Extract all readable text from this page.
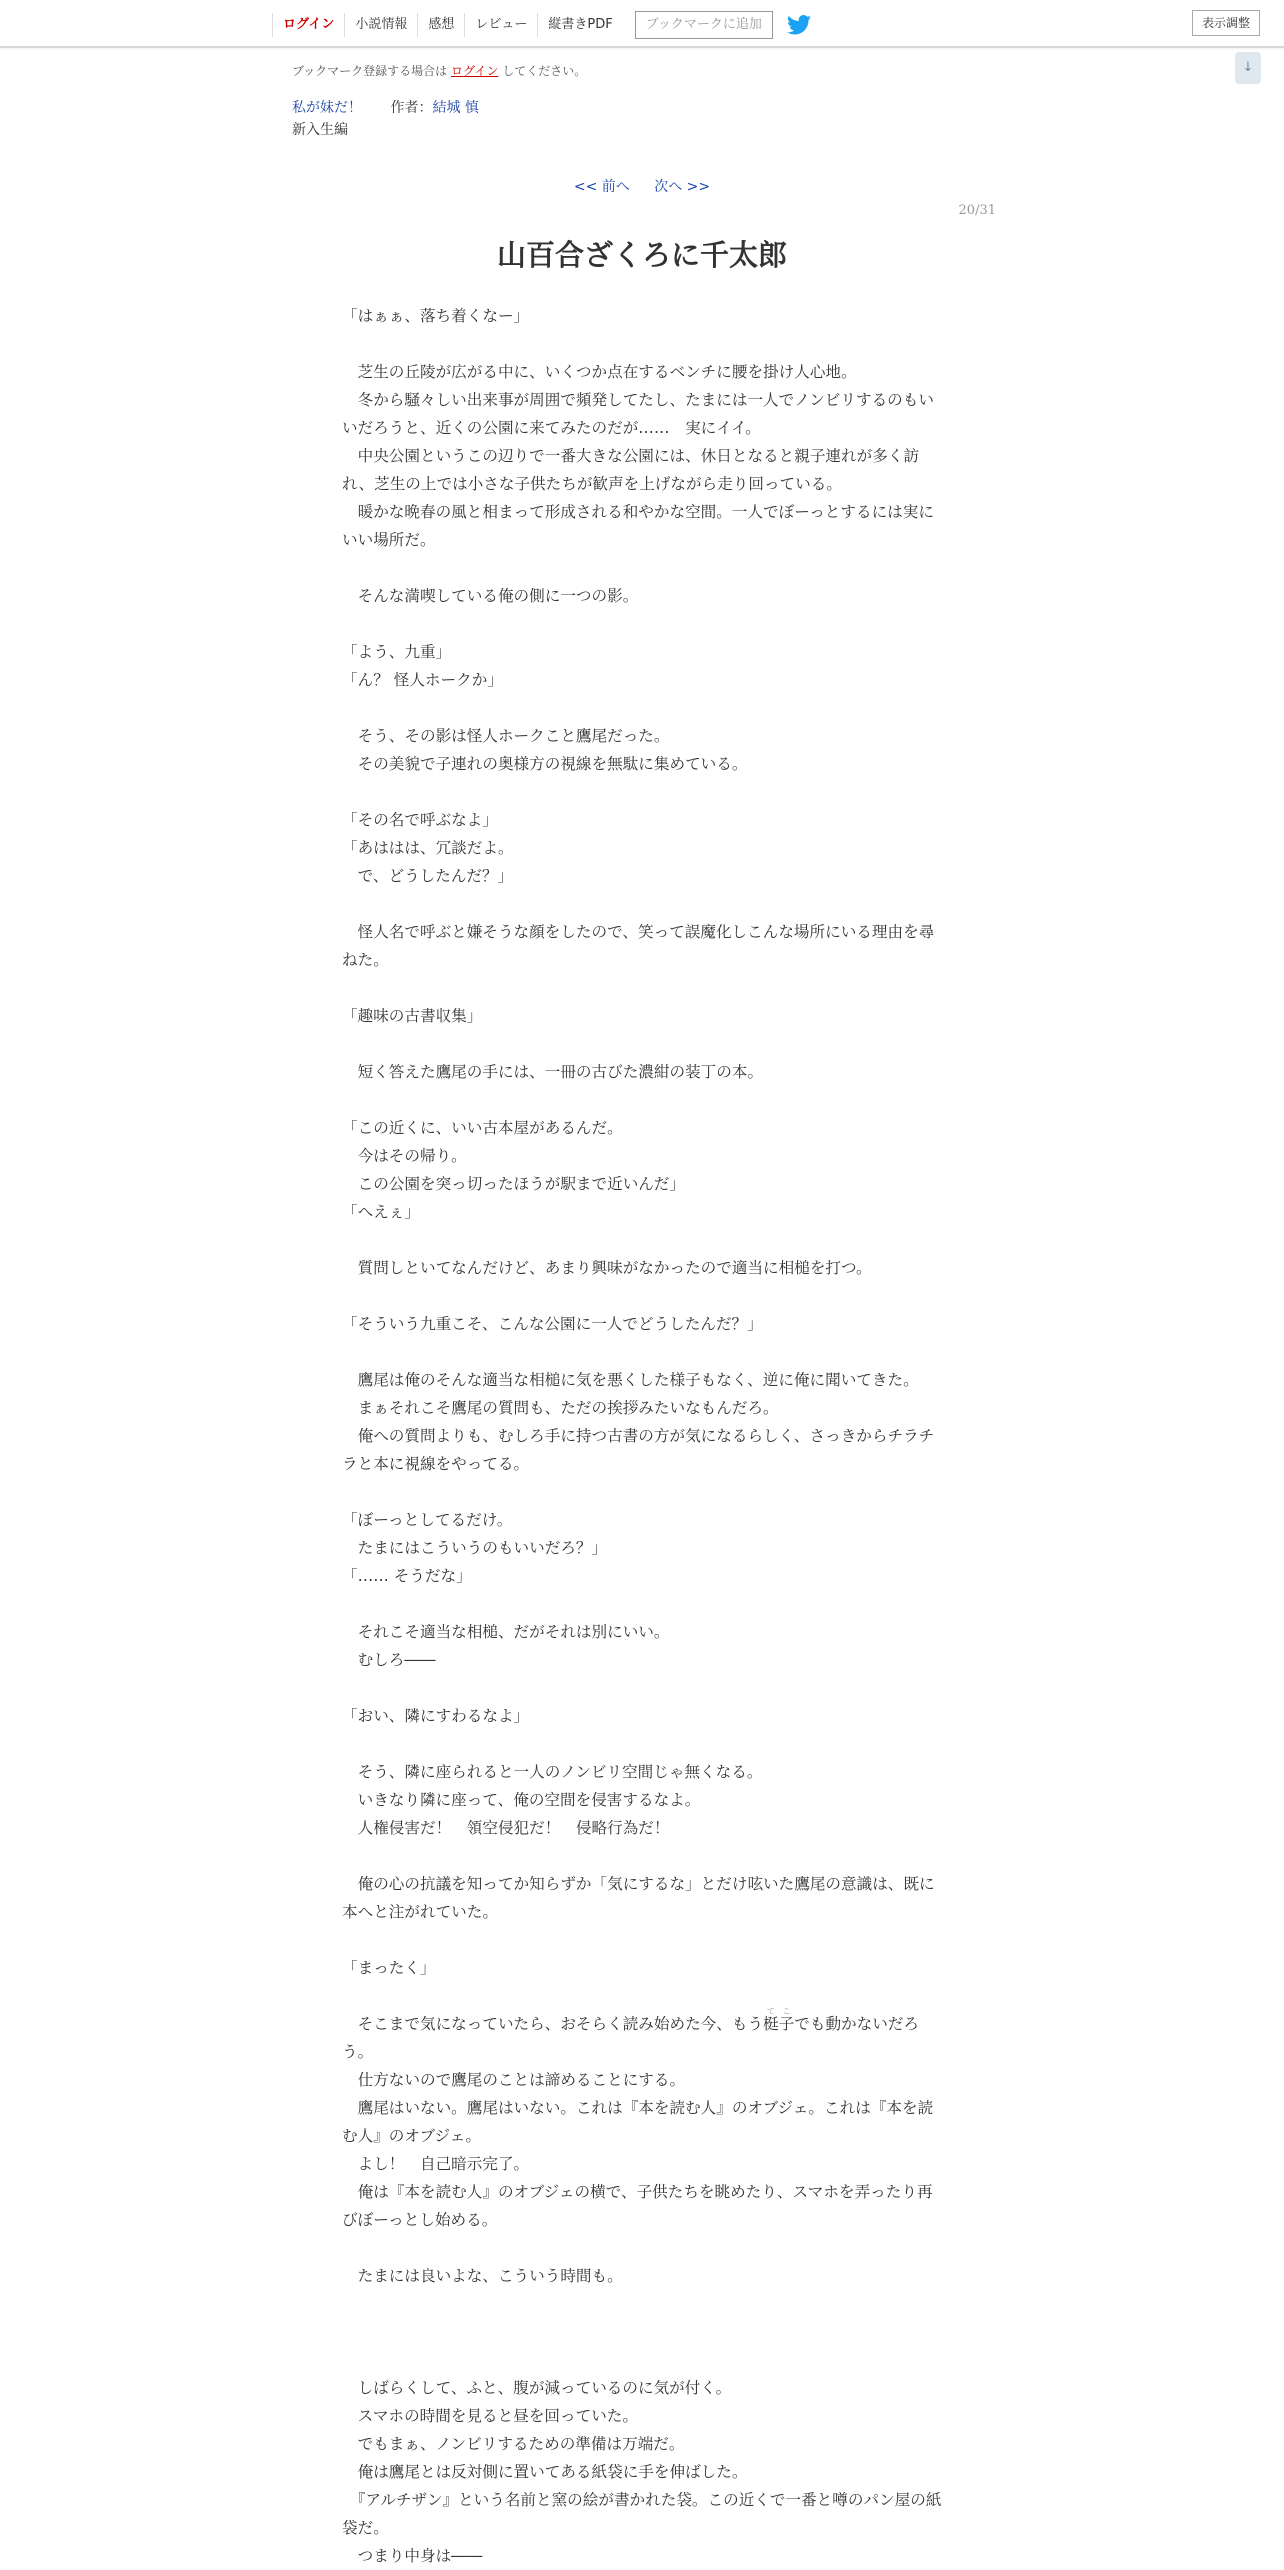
ログイン	小説情報	感想	レビュー	縦書きPDF	ブックマークに追加	表示調整
↓
ブックマーク登録する場合は ログイン してください。
私が妹だ！ 作者：結城 慎
新入生編
<< 前へ 次へ >>
20/31
山百合ざくろに千太郎
「はぁぁ、落ち着くなー」

　芝生の丘陵が広がる中に、いくつか点在するベンチに腰を掛け人心地。
　冬から騒々しい出来事が周囲で頻発してたし、たまには一人でノンビリするのもいいだろうと、近くの公園に来てみたのだが……　実にイイ。
　中央公園というこの辺りで一番大きな公園には、休日となると親子連れが多く訪れ、芝生の上では小さな子供たちが歓声を上げながら走り回っている。
　暖かな晩春の風と相まって形成される和やかな空間。一人でぼーっとするには実にいい場所だ。

　そんな満喫している俺の側に一つの影。

「よう、九重」
「ん？ 怪人ホークか」

　そう、その影は怪人ホークこと鷹尾だった。
　その美貌で子連れの奥様方の視線を無駄に集めている。

「その名で呼ぶなよ」
「あははは、冗談だよ。
　で、どうしたんだ？」

　怪人名で呼ぶと嫌そうな顔をしたので、笑って誤魔化しこんな場所にいる理由を尋ねた。

「趣味の古書収集」

　短く答えた鷹尾の手には、一冊の古びた濃紺の装丁の本。

「この近くに、いい古本屋があるんだ。
　今はその帰り。
　この公園を突っ切ったほうが駅まで近いんだ」
「へえぇ」

　質問しといてなんだけど、あまり興味がなかったので適当に相槌を打つ。

「そういう九重こそ、こんな公園に一人でどうしたんだ？」

　鷹尾は俺のそんな適当な相槌に気を悪くした様子もなく、逆に俺に聞いてきた。
　まぁそれこそ鷹尾の質問も、ただの挨拶みたいなもんだろ。
　俺への質問よりも、むしろ手に持つ古書の方が気になるらしく、さっきからチラチラと本に視線をやってる。

「ぼーっとしてるだけ。
　たまにはこういうのもいいだろ？」
「…… そうだな」

　それこそ適当な相槌、だがそれは別にいい。
　むしろ――

「おい、隣にすわるなよ」

　そう、隣に座られると一人のノンビリ空間じゃ無くなる。
　いきなり隣に座って、俺の空間を侵害するなよ。
　人権侵害だ！　領空侵犯だ！　侵略行為だ！

　俺の心の抗議を知ってか知らずか「気にするな」とだけ呟いた鷹尾の意識は、既に本へと注がれていた。

「まったく」

　そこまで気になっていたら、おそらく読み始めた今、もう梃子てこでも動かないだろう。
　仕方ないので鷹尾のことは諦めることにする。
　鷹尾はいない。鷹尾はいない。これは『本を読む人』のオブジェ。これは『本を読む人』のオブジェ。
　よし！　自己暗示完了。
　俺は『本を読む人』のオブジェの横で、子供たちを眺めたり、スマホを弄ったり再びぼーっとし始める。

　たまには良いよな、こういう時間も。

　しばらくして、ふと、腹が減っているのに気が付く。
　スマホの時間を見ると昼を回っていた。
　でもまぁ、ノンビリするための準備は万端だ。
　俺は鷹尾とは反対側に置いてある紙袋に手を伸ばした。
　『アルチザン』という名前と窯の絵が書かれた袋。この近くで一番と噂のパン屋の紙袋だ。
　つまり中身は――
